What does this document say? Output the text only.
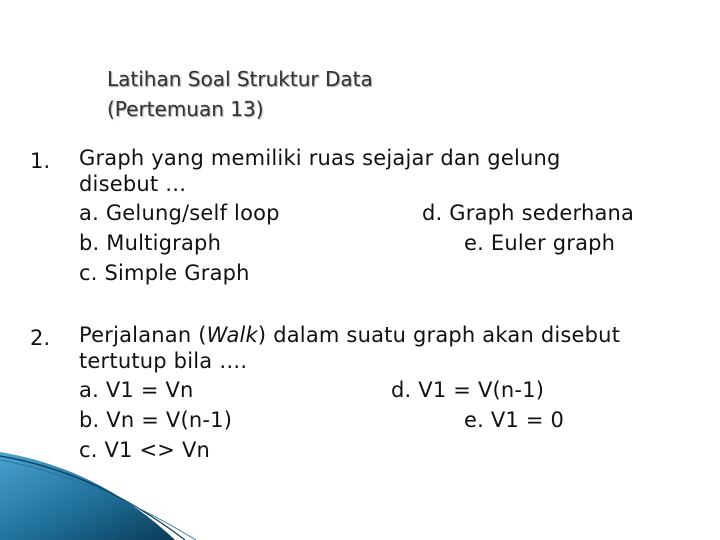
Latihan Soal Struktur Data
(Pertemuan 13)
1. Graph yang memiliki ruas sejajar dan gelung
disebut …
a. Gelung/self loop	d. Graph sederhana
b. Multigraph	e. Euler graph
c. Simple Graph
2. Perjalanan (Walk) dalam suatu graph akan disebut
tertutup bila ….
a. V1 = Vn	d. V1 = V(n-1)
b. Vn = V(n-1)	e. V1 = 0
c. V1 <> Vn
